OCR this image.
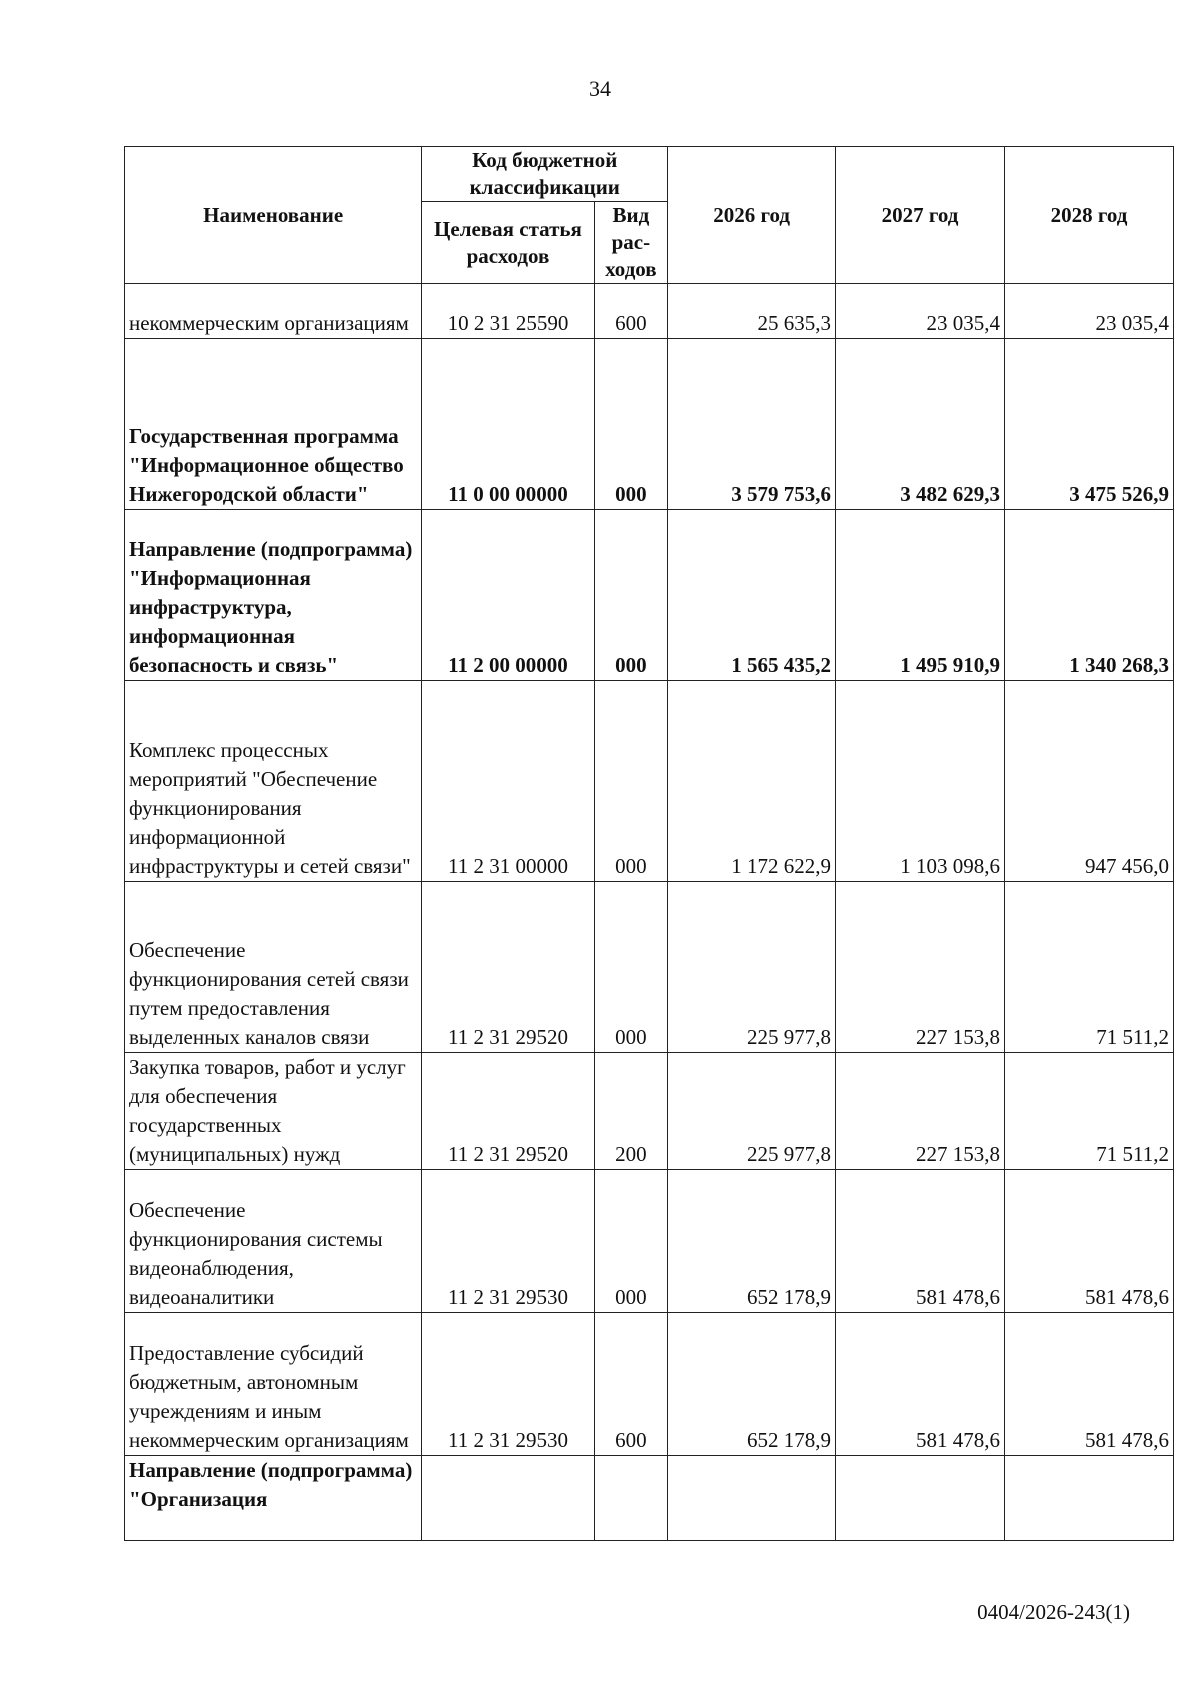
34
Наименование	Код бюджетной классификации		2026 год	2027 год	2028 год
	Целевая статья расходов	Вид рас-ходов			
некоммерческим организациям	10 2 31 25590	600	25 635,3	23 035,4	23 035,4
Государственная программа "Информационное общество Нижегородской области"	11 0 00 00000	000	3 579 753,6	3 482 629,3	3 475 526,9
Направление (подпрограмма) "Информационная инфраструктура, информационная безопасность и связь"	11 2 00 00000	000	1 565 435,2	1 495 910,9	1 340 268,3
Комплекс процессных мероприятий "Обеспечение функционирования информационной инфраструктуры и сетей связи"	11 2 31 00000	000	1 172 622,9	1 103 098,6	947 456,0
Обеспечение функционирования сетей связи путем предоставления выделенных каналов связи	11 2 31 29520	000	225 977,8	227 153,8	71 511,2
Закупка товаров, работ и услуг для обеспечения государственных (муниципальных) нужд	11 2 31 29520	200	225 977,8	227 153,8	71 511,2
Обеспечение функционирования системы видеонаблюдения, видеоаналитики	11 2 31 29530	000	652 178,9	581 478,6	581 478,6
Предоставление субсидий бюджетным, автономным учреждениям и иным некоммерческим организациям	11 2 31 29530	600	652 178,9	581 478,6	581 478,6
Направление (подпрограмма) "Организация					
0404/2026-243(1)
